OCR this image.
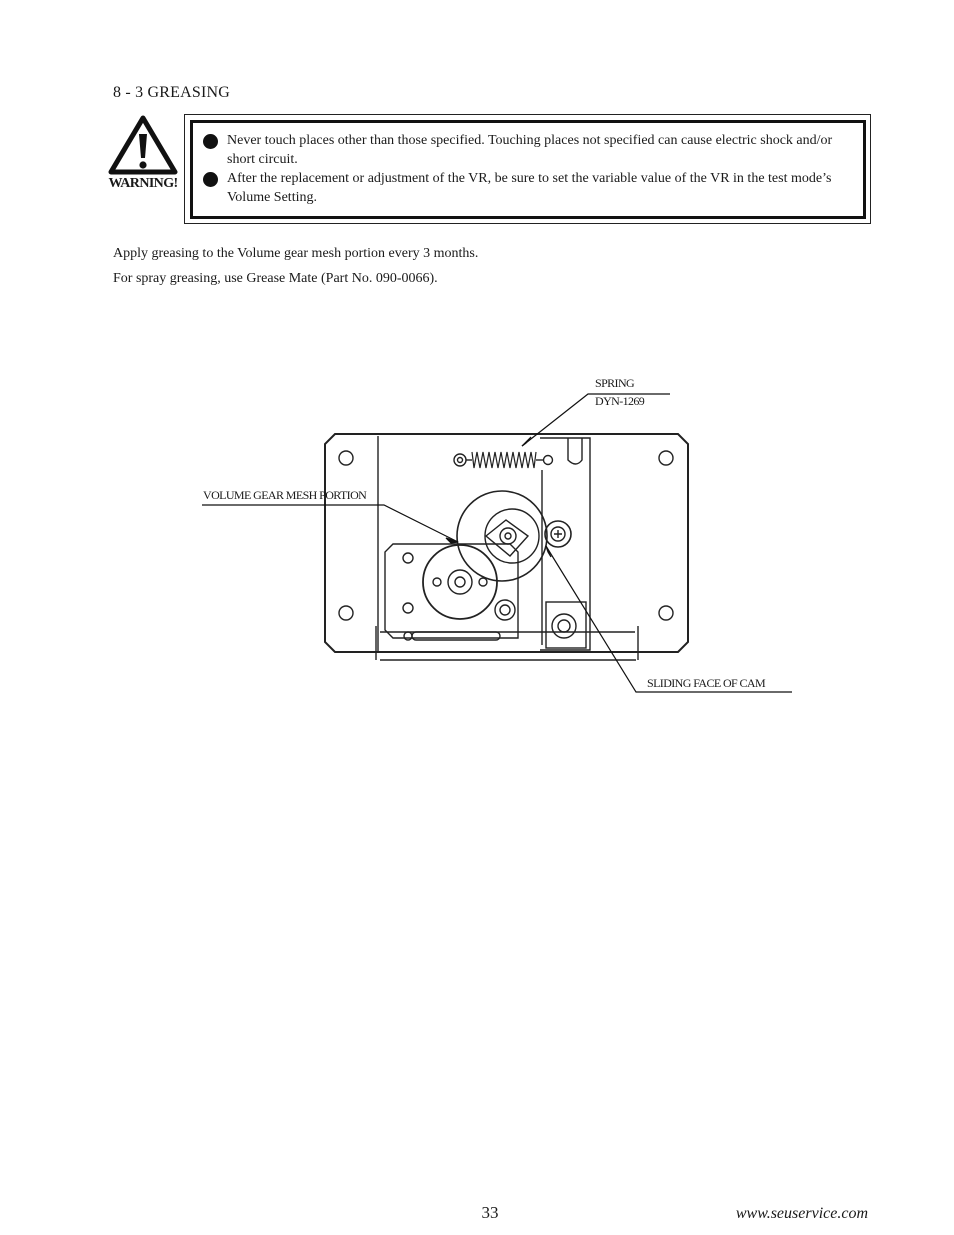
8 - 3 GREASING
WARNING!
Never touch places other than those specified. Touching places not specified can cause electric shock and/or short circuit.
After the replacement or adjustment of the VR, be sure to set the variable value of the VR in the test mode’s Volume Setting.
Apply greasing to the Volume gear mesh portion every 3 months.
For spray greasing, use Grease Mate (Part No. 090-0066).
SPRING
DYN-1269
VOLUME GEAR MESH PORTION
SLIDING FACE OF CAM
33	www.seuservice.com
